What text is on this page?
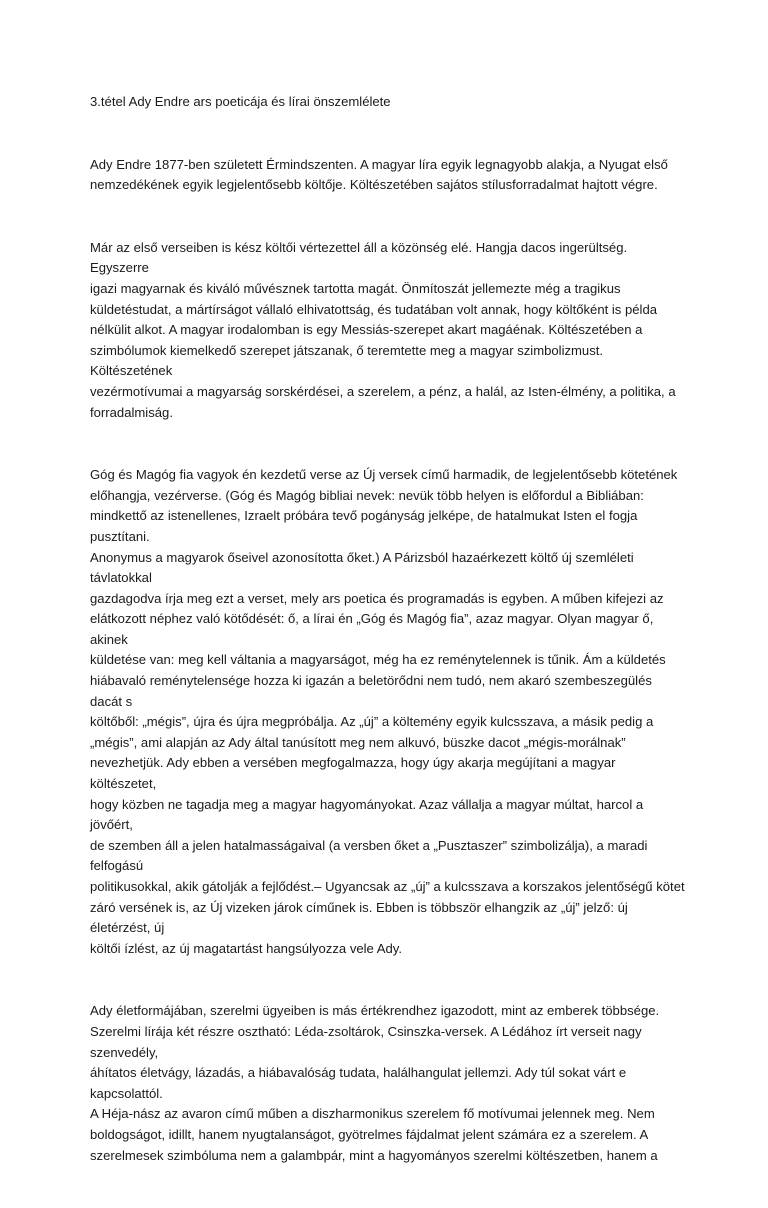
3.tétel Ady Endre ars poeticája és lírai önszemlélete
Ady Endre 1877-ben született Érmindszenten. A magyar líra egyik legnagyobb alakja, a Nyugat első
nemzedékének egyik legjelentősebb költője. Költészetében sajátos stílusforradalmat hajtott végre.
Már az első verseiben is kész költői vértezettel áll a közönség elé. Hangja dacos ingerültség. Egyszerre
igazi magyarnak és kiváló művésznek tartotta magát. Önmítoszát jellemezte még a tragikus
küldetéstudat, a mártírságot vállaló elhivatottság, és tudatában volt annak, hogy költőként is példa
nélkülit alkot. A magyar irodalomban is egy Messiás-szerepet akart magáénak. Költészetében a
szimbólumok kiemelkedő szerepet játszanak, ő teremtette meg a magyar szimbolizmust. Költészetének
vezérmotívumai a magyarság sorskérdései, a szerelem, a pénz, a halál, az Isten-élmény, a politika, a
forradalmiság.
Góg és Magóg fia vagyok én kezdetű verse az Új versek című harmadik, de legjelentősebb kötetének
előhangja, vezérverse. (Góg és Magóg bibliai nevek: nevük több helyen is előfordul a Bibliában:
mindkettő az istenellenes, Izraelt próbára tevő pogányság jelképe, de hatalmukat Isten el fogja pusztítani.
Anonymus a magyarok őseivel azonosította őket.) A Párizsból hazaérkezett költő új szemléleti távlatokkal
gazdagodva írja meg ezt a verset, mely ars poetica és programadás is egyben. A műben kifejezi az
elátkozott néphez való kötődését: ő, a lírai én „Góg és Magóg fia”, azaz magyar. Olyan magyar ő, akinek
küldetése van: meg kell váltania a magyarságot, még ha ez reménytelennek is tűnik. Ám a küldetés
hiábavaló reménytelensége hozza ki igazán a beletörődni nem tudó, nem akaró szembeszegülés dacát s
költőből: „mégis”, újra és újra megpróbálja. Az „új” a költemény egyik kulcsszava, a másik pedig a
„mégis”, ami alapján az Ady által tanúsított meg nem alkuvó, büszke dacot „mégis-morálnak”
nevezhetjük. Ady ebben a versében megfogalmazza, hogy úgy akarja megújítani a magyar költészetet,
hogy közben ne tagadja meg a magyar hagyományokat. Azaz vállalja a magyar múltat, harcol a jövőért,
de szemben áll a jelen hatalmasságaival (a versben őket a „Pusztaszer” szimbolizálja), a maradi felfogású
politikusokkal, akik gátolják a fejlődést.– Ugyancsak az „új” a kulcsszava a korszakos jelentőségű kötet
záró versének is, az Új vizeken járok címűnek is. Ebben is többször elhangzik az „új” jelző: új életérzést, új
költői ízlést, az új magatartást hangsúlyozza vele Ady.
Ady életformájában, szerelmi ügyeiben is más értékrendhez igazodott, mint az emberek többsége.
Szerelmi lírája két részre osztható: Léda-zsoltárok, Csinszka-versek. A Lédához írt verseit nagy szenvedély,
áhítatos életvágy, lázadás, a hiábavalóság tudata, halálhangulat jellemzi. Ady túl sokat várt e kapcsolattól.
A Héja-nász az avaron című műben a diszharmonikus szerelem fő motívumai jelennek meg. Nem
boldogságot, idillt, hanem nyugtalanságot, gyötrelmes fájdalmat jelent számára ez a szerelem. A
szerelmesek szimbóluma nem a galambpár, mint a hagyományos szerelmi költészetben, hanem a
